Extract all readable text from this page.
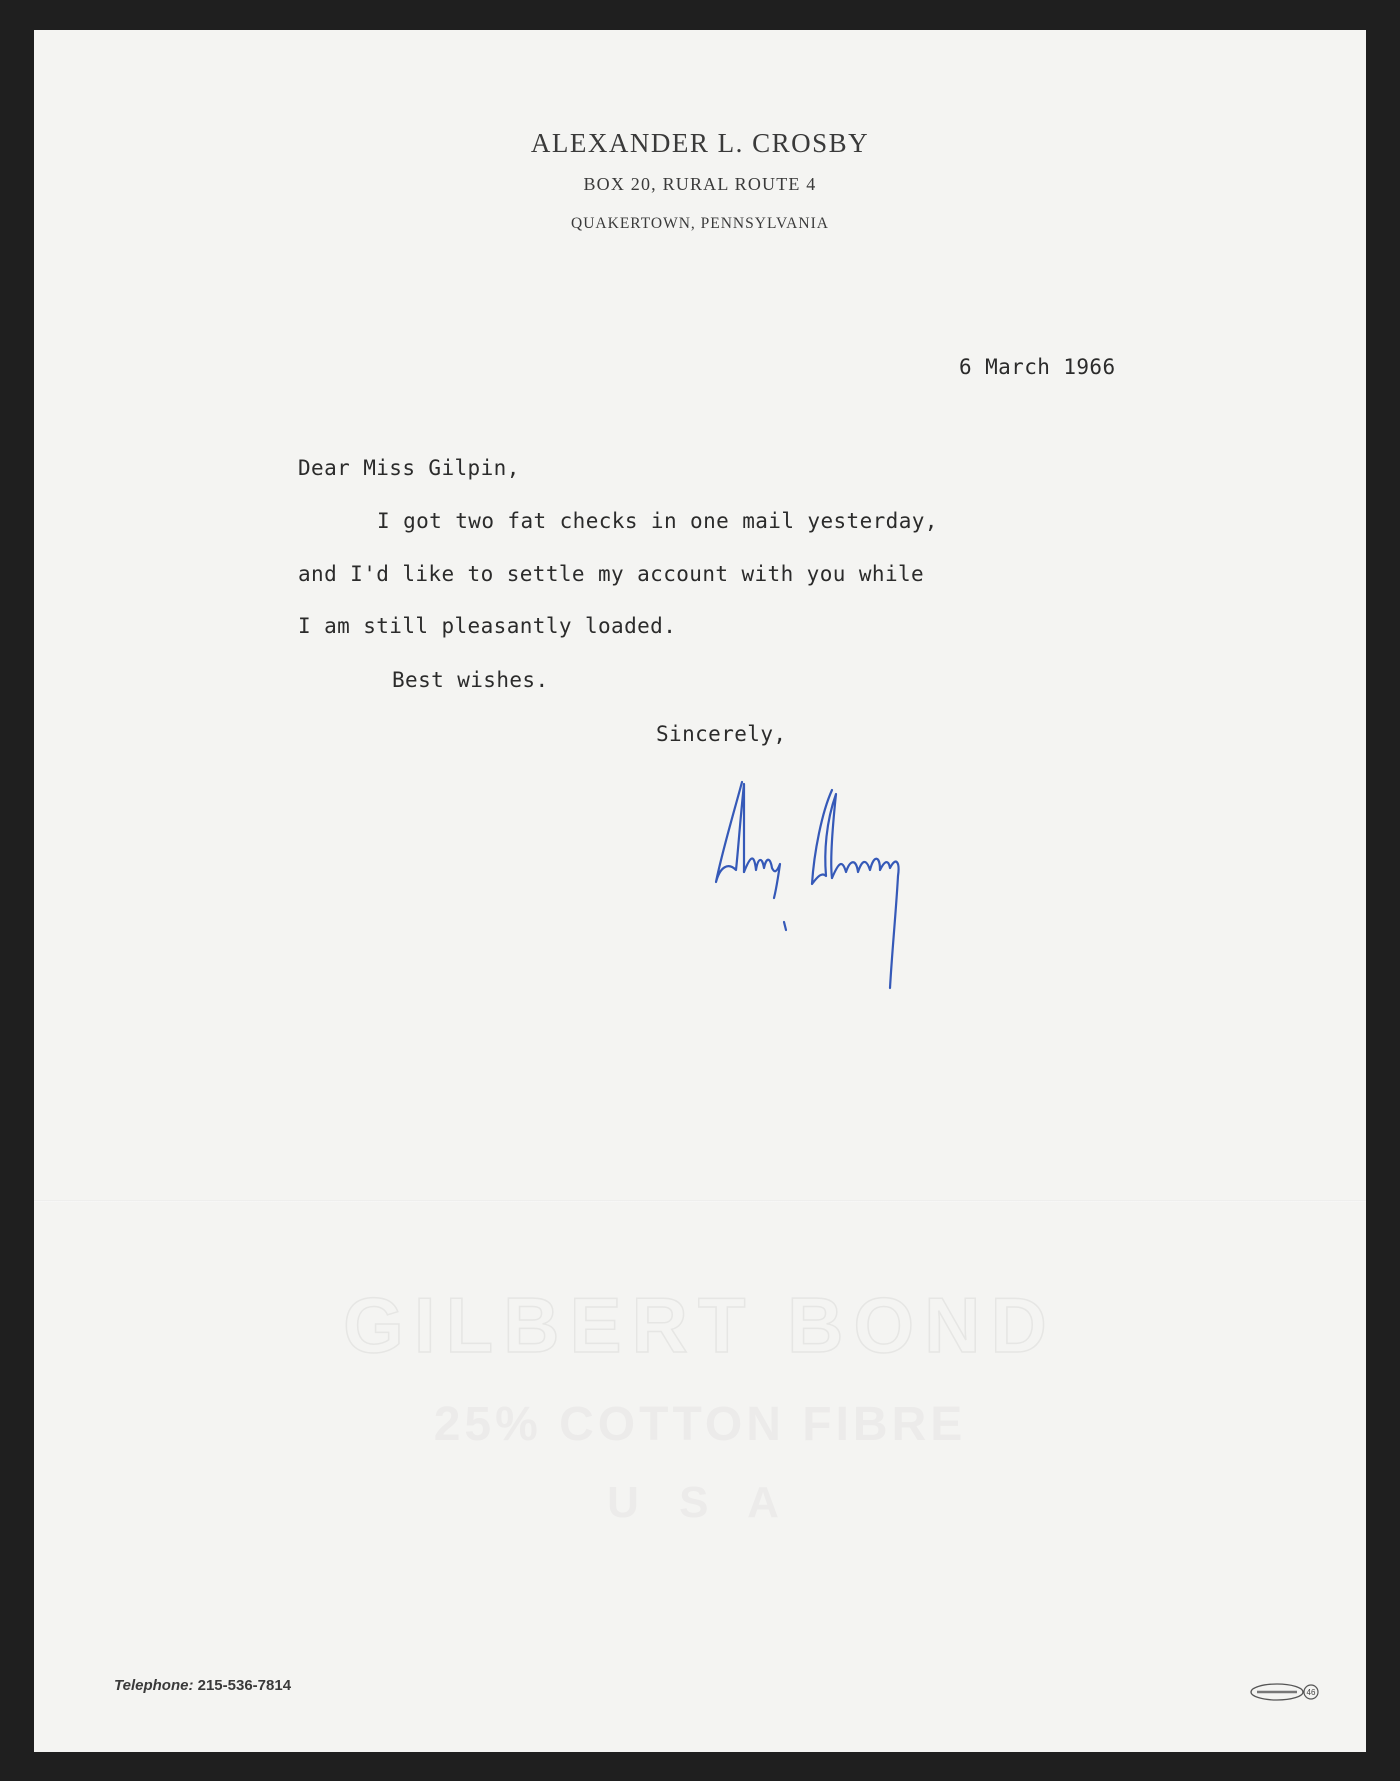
ALEXANDER L. CROSBY
BOX 20, RURAL ROUTE 4
QUAKERTOWN, PENNSYLVANIA
6 March 1966
Dear Miss Gilpin,
I got two fat checks in one mail yesterday,
and I'd like to settle my account with you while
I am still pleasantly loaded.
Best wishes.
Sincerely,
GILBERT BOND
25% COTTON FIBRE
U S A
Telephone: 215-536-7814	46
